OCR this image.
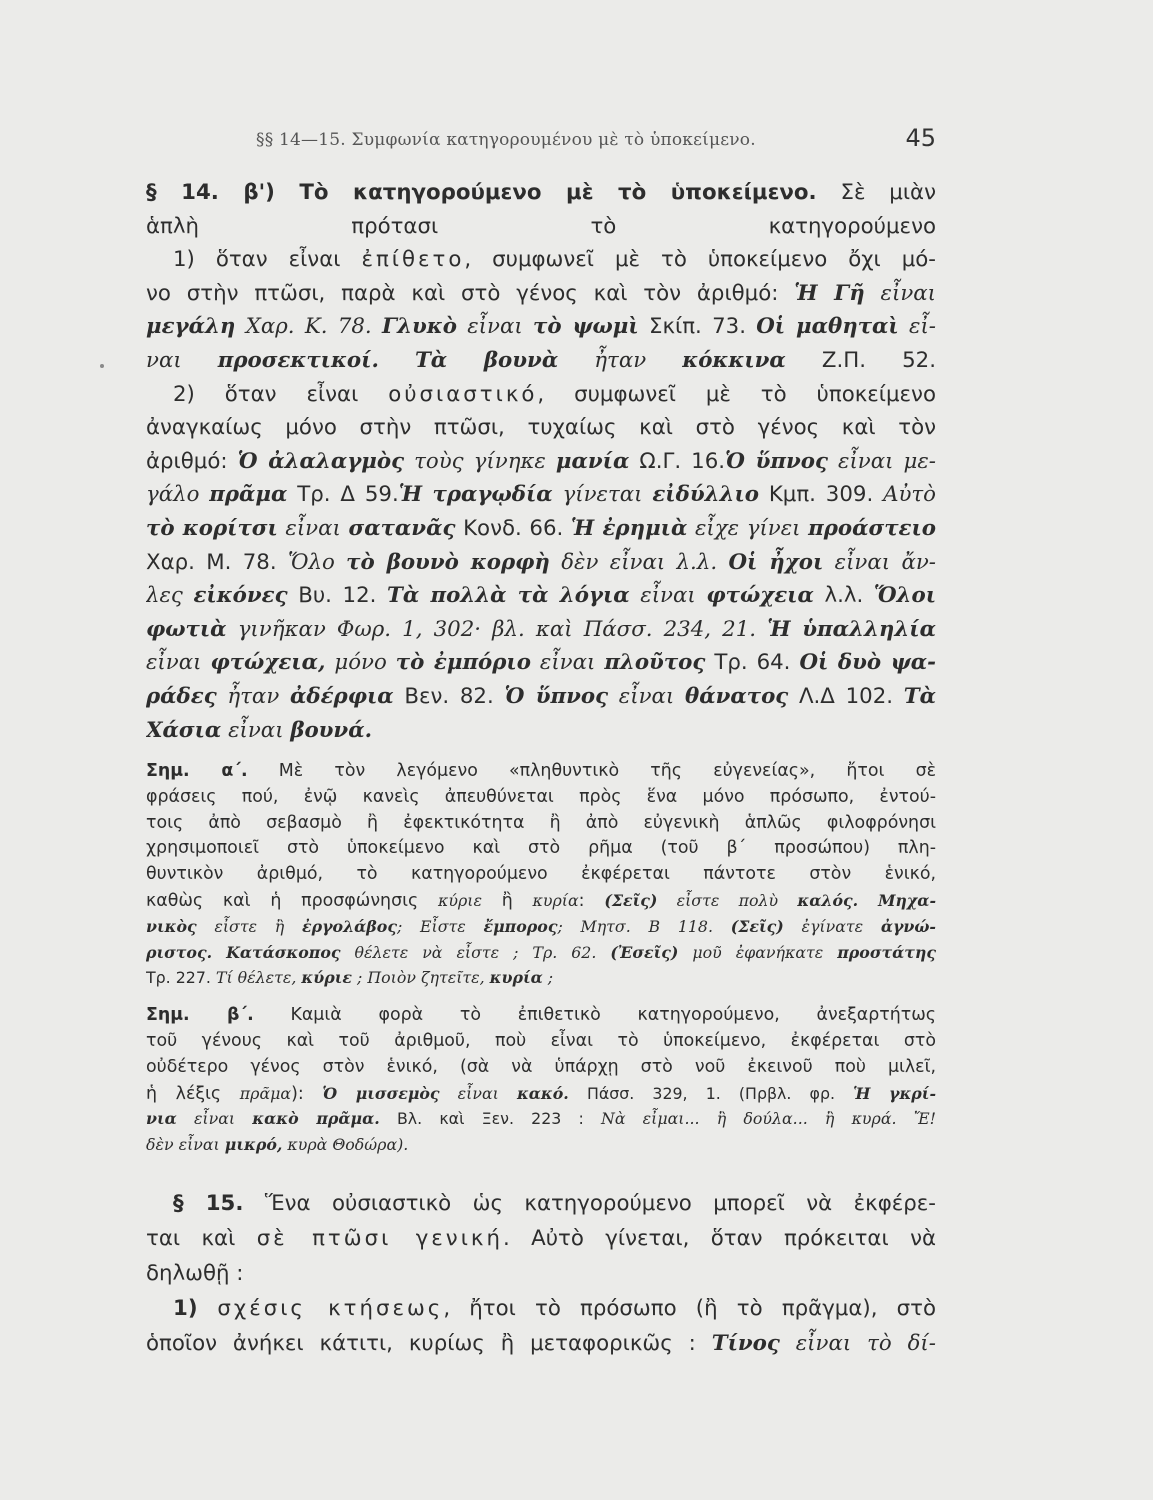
§§ 14—15. Συμφωνία κατηγορουμένου μὲ τὸ ὑποκείμενο.	45
§ 14. β') Τὸ κατηγορούμενο μὲ τὸ ὑποκείμενο. Σὲ μιὰν
ἁπλὴ πρότασι τὸ κατηγορούμενο
1) ὅταν εἶναι ἐπίθετο, συμφωνεῖ μὲ τὸ ὑποκείμενο ὄχι μό-
νο στὴν πτῶσι, παρὰ καὶ στὸ γένος καὶ τὸν ἀριθμό: Ἡ Γῆ εἶναι
μεγάλη Χαρ. Κ. 78. Γλυκὸ εἶναι τὸ ψωμὶ Σκίπ. 73. Οἱ μαθηταὶ εἶ-
ναι προσεκτικοί. Τὰ βουνὰ ἦταν κόκκινα Ζ.Π. 52.
2) ὅταν εἶναι οὐσιαστικό, συμφωνεῖ μὲ τὸ ὑποκείμενο
ἀναγκαίως μόνο στὴν πτῶσι, τυχαίως καὶ στὸ γένος καὶ τὸν
ἀριθμό: Ὁ ἀλαλαγμὸς τοὺς γίνηκε μανία Ω.Γ. 16.Ὁ ὕπνος εἶναι με-
γάλο πρᾶμα Τρ. Δ 59.Ἡ τραγῳδία γίνεται εἰδύλλιο Κμπ. 309. Αὐτὸ
τὸ κορίτσι εἶναι σατανᾶς Κονδ. 66. Ἡ ἐρημιὰ εἶχε γίνει προάστειο
Χαρ. Μ. 78. Ὅλο τὸ βουνὸ κορφὴ δὲν εἶναι λ.λ. Οἱ ἦχοι εἶναι ἄν-
λες εἰκόνες Βυ. 12. Τὰ πολλὰ τὰ λόγια εἶναι φτώχεια λ.λ. Ὅλοι
φωτιὰ γινῆκαν Φωρ. 1, 302· βλ. καὶ Πάσσ. 234, 21. Ἡ ὑπαλληλία
εἶναι φτώχεια, μόνο τὸ ἐμπόριο εἶναι πλοῦτος Τρ. 64. Οἱ δυὸ ψα-
ράδες ἦταν ἀδέρφια Βεν. 82. Ὁ ὕπνος εἶναι θάνατος Λ.Δ 102. Τὰ
Χάσια εἶναι βουνά.
Σημ. α΄. Μὲ τὸν λεγόμενο «πληθυντικὸ τῆς εὐγενείας», ἤτοι σὲ
φράσεις πού, ἐνῷ κανεὶς ἀπευθύνεται πρὸς ἕνα μόνο πρόσωπο, ἐντού-
τοις ἀπὸ σεβασμὸ ἢ ἐφεκτικότητα ἢ ἀπὸ εὐγενικὴ ἁπλῶς φιλοφρόνησι
χρησιμοποιεῖ στὸ ὑποκείμενο καὶ στὸ ρῆμα (τοῦ β΄ προσώπου) πλη-
θυντικὸν ἀριθμό, τὸ κατηγορούμενο ἐκφέρεται πάντοτε στὸν ἑνικό,
καθὼς καὶ ἡ προσφώνησις κύριε ἢ κυρία: (Σεῖς) εἶστε πολὺ καλός. Μηχα-
νικὸς εἶστε ἢ ἐργολάβος; Εἶστε ἔμπορος; Μητσ. Β 118. (Σεῖς) ἐγίνατε ἀγνώ-
ριστος. Κατάσκοπος θέλετε νὰ εἶστε ; Τρ. 62. (Ἐσεῖς) μοῦ ἐφανήκατε προστάτης
Τρ. 227. Τί θέλετε, κύριε ; Ποιὸν ζητεῖτε, κυρία ;
Σημ. β΄. Καμιὰ φορὰ τὸ ἐπιθετικὸ κατηγορούμενο, ἀνεξαρτήτως
τοῦ γένους καὶ τοῦ ἀριθμοῦ, ποὺ εἶναι τὸ ὑποκείμενο, ἐκφέρεται στὸ
οὐδέτερο γένος στὸν ἑνικό, (σὰ νὰ ὑπάρχῃ στὸ νοῦ ἐκεινοῦ ποὺ μιλεῖ,
ἡ λέξις πρᾶμα): Ὁ μισσεμὸς εἶναι κακό. Πάσσ. 329, 1. (Πρβλ. φρ. Ἡ γκρί-
νια εἶναι κακὸ πρᾶμα. Βλ. καὶ Ξεν. 223 : Νὰ εἶμαι... ἢ δούλα... ἢ κυρά. Ἔ!
δὲν εἶναι μικρό, κυρὰ Θοδώρα).
§ 15. Ἕνα οὐσιαστικὸ ὡς κατηγορούμενο μπορεῖ νὰ ἐκφέρε-
ται καὶ σὲ πτῶσι γενική. Αὐτὸ γίνεται, ὅταν πρόκειται νὰ
δηλωθῇ :
1) σχέσις κτήσεως, ἤτοι τὸ πρόσωπο (ἢ τὸ πρᾶγμα), στὸ
ὁποῖον ἀνήκει κάτιτι, κυρίως ἢ μεταφορικῶς : Τίνος εἶναι τὸ δί-
